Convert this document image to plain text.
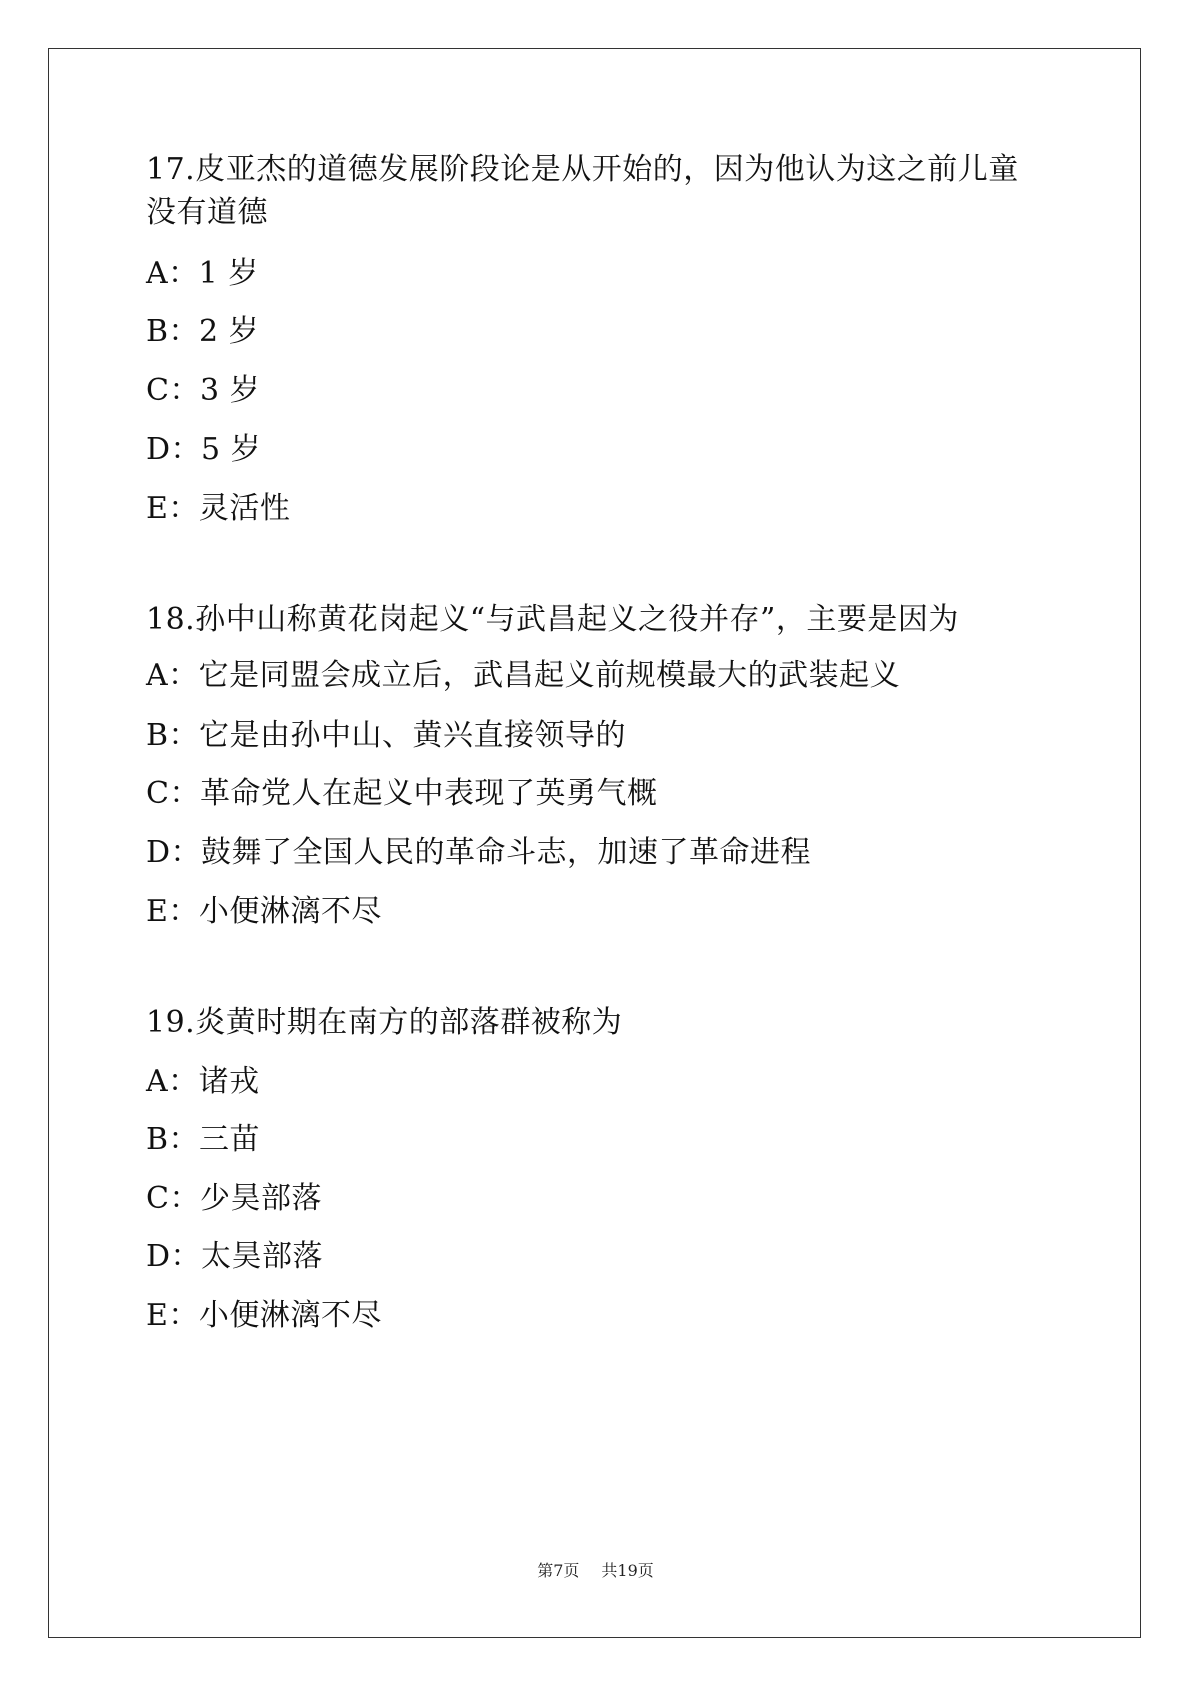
17.皮亚杰的道德发展阶段论是从开始的，因为他认为这之前儿童
没有道德
A：1 岁
B：2 岁
C：3 岁
D：5 岁
E：灵活性
18.孙中山称黄花岗起义“与武昌起义之役并存”，主要是因为
A：它是同盟会成立后，武昌起义前规模最大的武装起义
B：它是由孙中山、黄兴直接领导的
C：革命党人在起义中表现了英勇气概
D：鼓舞了全国人民的革命斗志，加速了革命进程
E：小便淋漓不尽
19.炎黄时期在南方的部落群被称为
A：诸戎
B：三苗
C：少昊部落
D：太昊部落
E：小便淋漓不尽
第7页 共19页
